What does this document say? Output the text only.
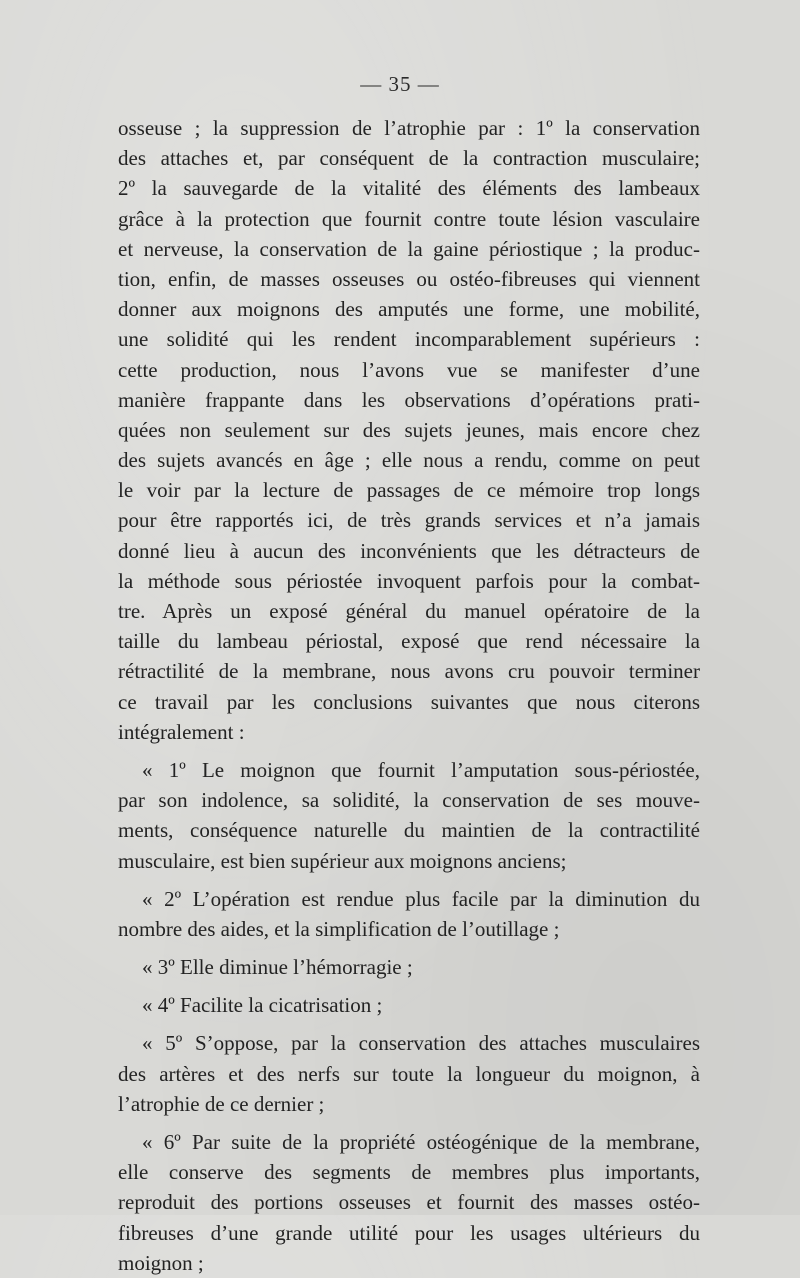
— 35 —
osseuse ; la suppression de l’atrophie par : 1º la conservation
des attaches et, par conséquent de la contraction musculaire;
2º la sauvegarde de la vitalité des éléments des lambeaux
grâce à la protection que fournit contre toute lésion vasculaire
et nerveuse, la conservation de la gaine périostique ; la produc-
tion, enfin, de masses osseuses ou ostéo-fibreuses qui viennent
donner aux moignons des amputés une forme, une mobilité,
une solidité qui les rendent incomparablement supérieurs :
cette production, nous l’avons vue se manifester d’une
manière frappante dans les observations d’opérations prati-
quées non seulement sur des sujets jeunes, mais encore chez
des sujets avancés en âge ; elle nous a rendu, comme on peut
le voir par la lecture de passages de ce mémoire trop longs
pour être rapportés ici, de très grands services et n’a jamais
donné lieu à aucun des inconvénients que les détracteurs de
la méthode sous périostée invoquent parfois pour la combat-
tre. Après un exposé général du manuel opératoire de la
taille du lambeau périostal, exposé que rend nécessaire la
rétractilité de la membrane, nous avons cru pouvoir terminer
ce travail par les conclusions suivantes que nous citerons
intégralement :
« 1º Le moignon que fournit l’amputation sous-périostée,
par son indolence, sa solidité, la conservation de ses mouve-
ments, conséquence naturelle du maintien de la contractilité
musculaire, est bien supérieur aux moignons anciens;
« 2º L’opération est rendue plus facile par la diminution du
nombre des aides, et la simplification de l’outillage ;
« 3º Elle diminue l’hémorragie ;
« 4º Facilite la cicatrisation ;
« 5º S’oppose, par la conservation des attaches musculaires
des artères et des nerfs sur toute la longueur du moignon, à
l’atrophie de ce dernier ;
« 6º Par suite de la propriété ostéogénique de la membrane,
elle conserve des segments de membres plus importants,
reproduit des portions osseuses et fournit des masses ostéo-
fibreuses d’une grande utilité pour les usages ultérieurs du
moignon ;
